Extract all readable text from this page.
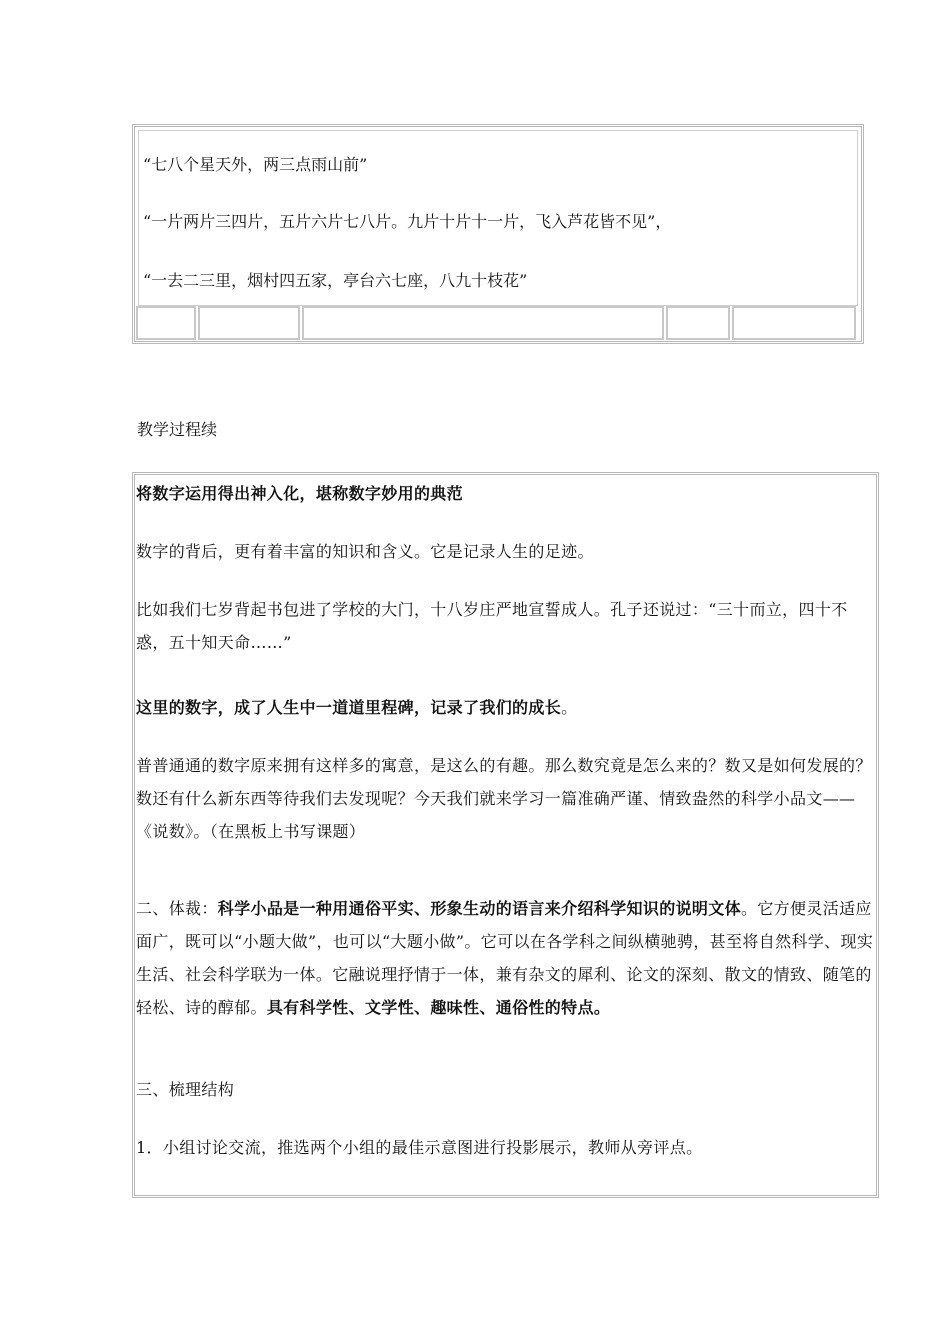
“七八个星天外，两三点雨山前”
“一片两片三四片，五片六片七八片。九片十片十一片，飞入芦花皆不见”，
“一去二三里，烟村四五家，亭台六七座，八九十枝花”
教学过程续

将数字运用得出神入化，堪称数字妙用的典范

数字的背后，更有着丰富的知识和含义。它是记录人生的足迹。

比如我们七岁背起书包进了学校的大门，十八岁庄严地宣誓成人。孔子还说过：“三十而立，四十不惑，五十知天命……”

这里的数字，成了人生中一道道里程碑，记录了我们的成长。

普普通通的数字原来拥有这样多的寓意，是这么的有趣。那么数究竟是怎么来的？数又是如何发展的？数还有什么新东西等待我们去发现呢？今天我们就来学习一篇准确严谨、情致盎然的科学小品文——《说数》。（在黑板上书写课题）

二、体裁：科学小品是一种用通俗平实、形象生动的语言来介绍科学知识的说明文体。它方便灵活适应面广，既可以“小题大做”，也可以“大题小做”。它可以在各学科之间纵横驰骋，甚至将自然科学、现实生活、社会科学联为一体。它融说理抒情于一体，兼有杂文的犀利、论文的深刻、散文的情致、随笔的轻松、诗的醇郁。具有科学性、文学性、趣味性、通俗性的特点。

三、梳理结构

1．小组讨论交流，推选两个小组的最佳示意图进行投影展示，教师从旁评点。
